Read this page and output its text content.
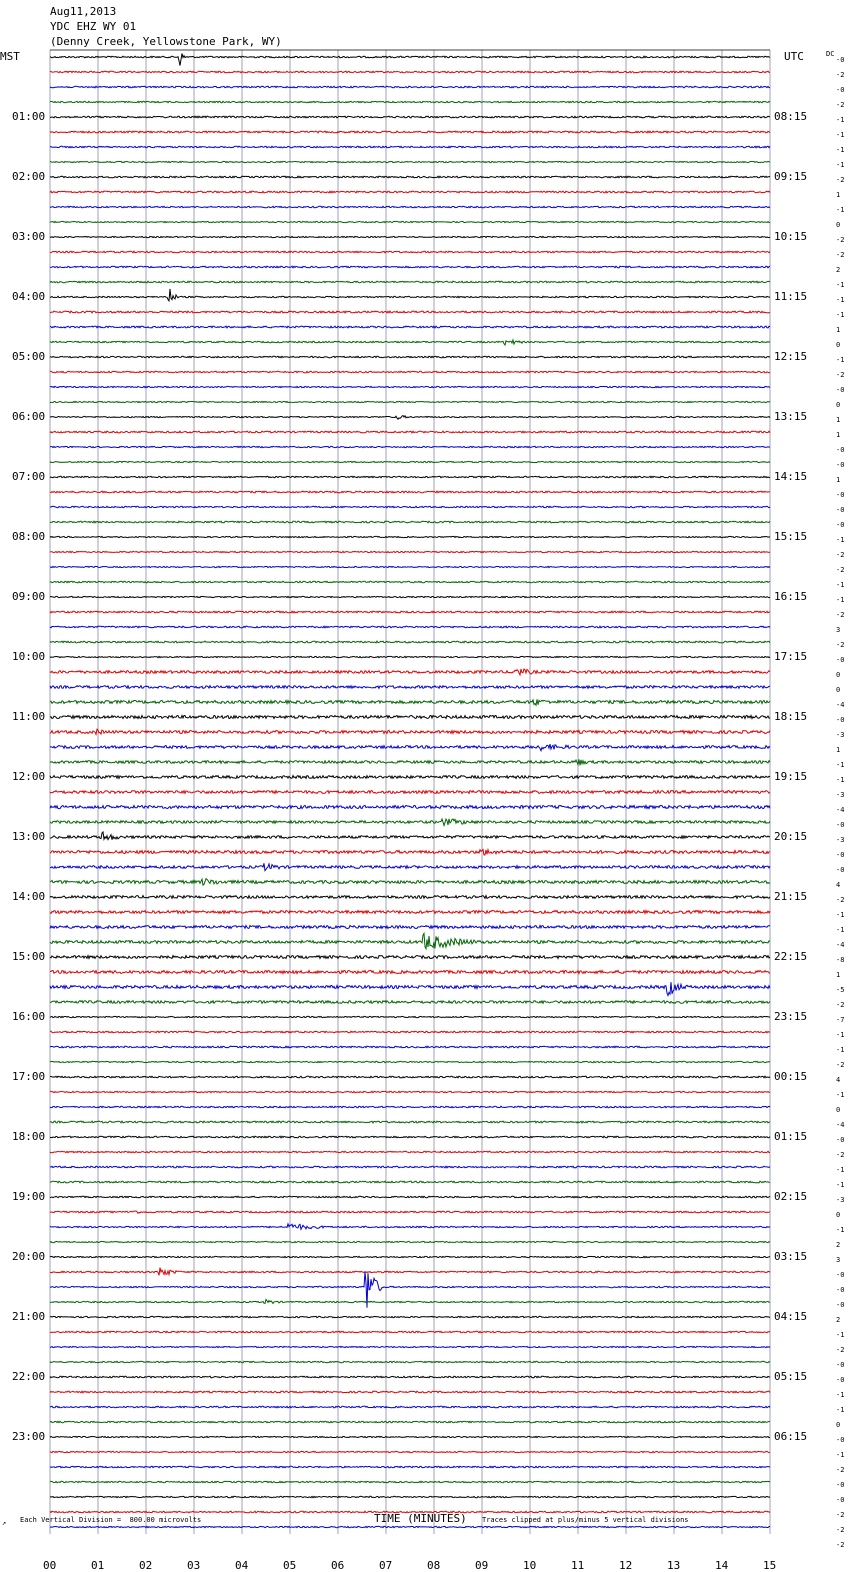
Aug11,2013
YDC EHZ WY 01
(Denny Creek, Yellowstone Park, WY)
MST	UTC	DC
01:00
02:00
03:00
04:00
05:00
06:00
07:00
08:00
09:00
10:00
11:00
12:00
13:00
14:00
15:00
16:00
17:00
18:00
19:00
20:00
21:00
22:00
23:00
08:15
09:15
10:15
11:15
12:15
13:15
14:15
15:15
16:15
17:15
18:15
19:15
20:15
21:15
22:15
23:15
00:15
01:15
02:15
03:15
04:15
05:15
06:15
-0
-2
-0
-2
-1
-1
-1
-1
-2
1
-1
0
-2
-2
2
-1
-1
-1
1
0
-1
-2
-0
0
1
1
-0
-0
1
-0
-0
-0
-1
-2
-2
-1
-1
-2
3
-2
-0
0
0
-4
-0
-3
1
-1
-1
-3
-4
-0
-3
-0
-0
4
-2
-1
-1
-4
-8
1
-5
-2
-7
-1
-1
-2
4
-1
0
-4
-0
-2
-1
-1
-3
0
-1
2
3
-0
-0
-0
2
-1
-2
-0
-0
-1
-1
0
-0
-1
-2
-0
-0
-2
-2
-2
00	01	02	03	04	05	06	07	08	09	10	11	12	13	14	15
↗ Each Vertical Division =  800.00 microvolts	TIME (MINUTES) Traces clipped at plus/minus 5 vertical divisions
